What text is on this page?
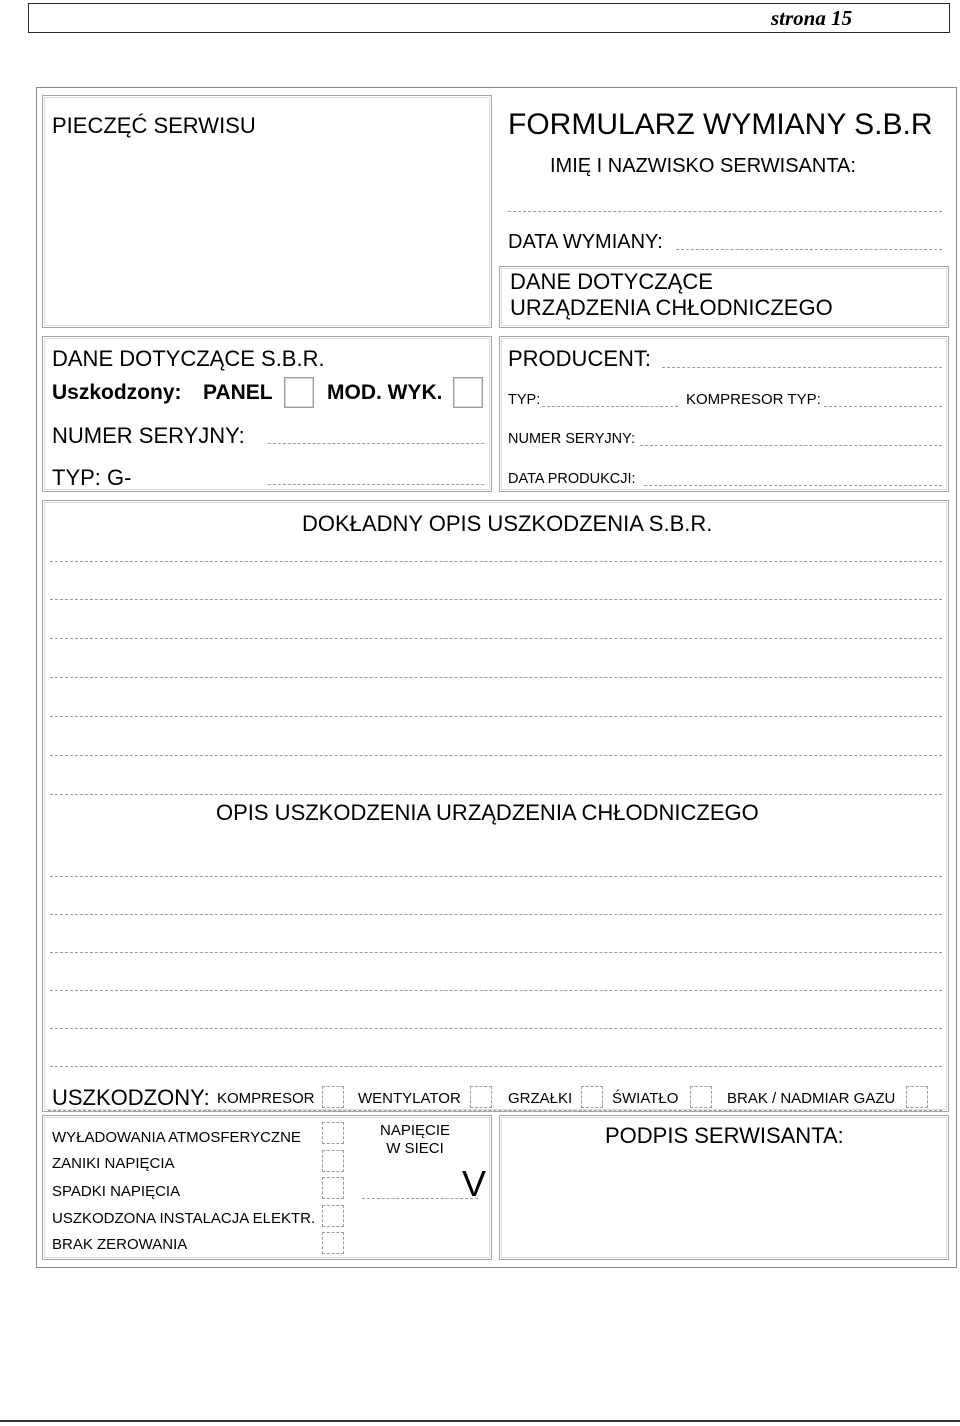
strona 15
PIECZĘĆ SERWISU	FORMULARZ WYMIANY S.B.R
IMIĘ I NAZWISKO SERWISANTA:
DATA WYMIANY:
DANE DOTYCZĄCE
URZĄDZENIA CHŁODNICZEGO
DANE DOTYCZĄCE S.B.R.
Uszkodzony: PANEL	MOD. WYK.
NUMER SERYJNY:
TYP: G-
PRODUCENT:
TYP:	KOMPRESOR TYP:
NUMER SERYJNY:
DATA PRODUKCJI:
DOKŁADNY OPIS USZKODZENIA S.B.R.
OPIS USZKODZENIA URZĄDZENIA CHŁODNICZEGO
USZKODZONY: KOMPRESOR	WENTYLATOR	GRZAŁKI	ŚWIATŁO	BRAK / NADMIAR GAZU
WYŁADOWANIA ATMOSFERYCZNE
ZANIKI NAPIĘCIA
SPADKI NAPIĘCIA
USZKODZONA INSTALACJA ELEKTR.
BRAK ZEROWANIA
NAPIĘCIE
W SIECI
V
PODPIS SERWISANTA:
